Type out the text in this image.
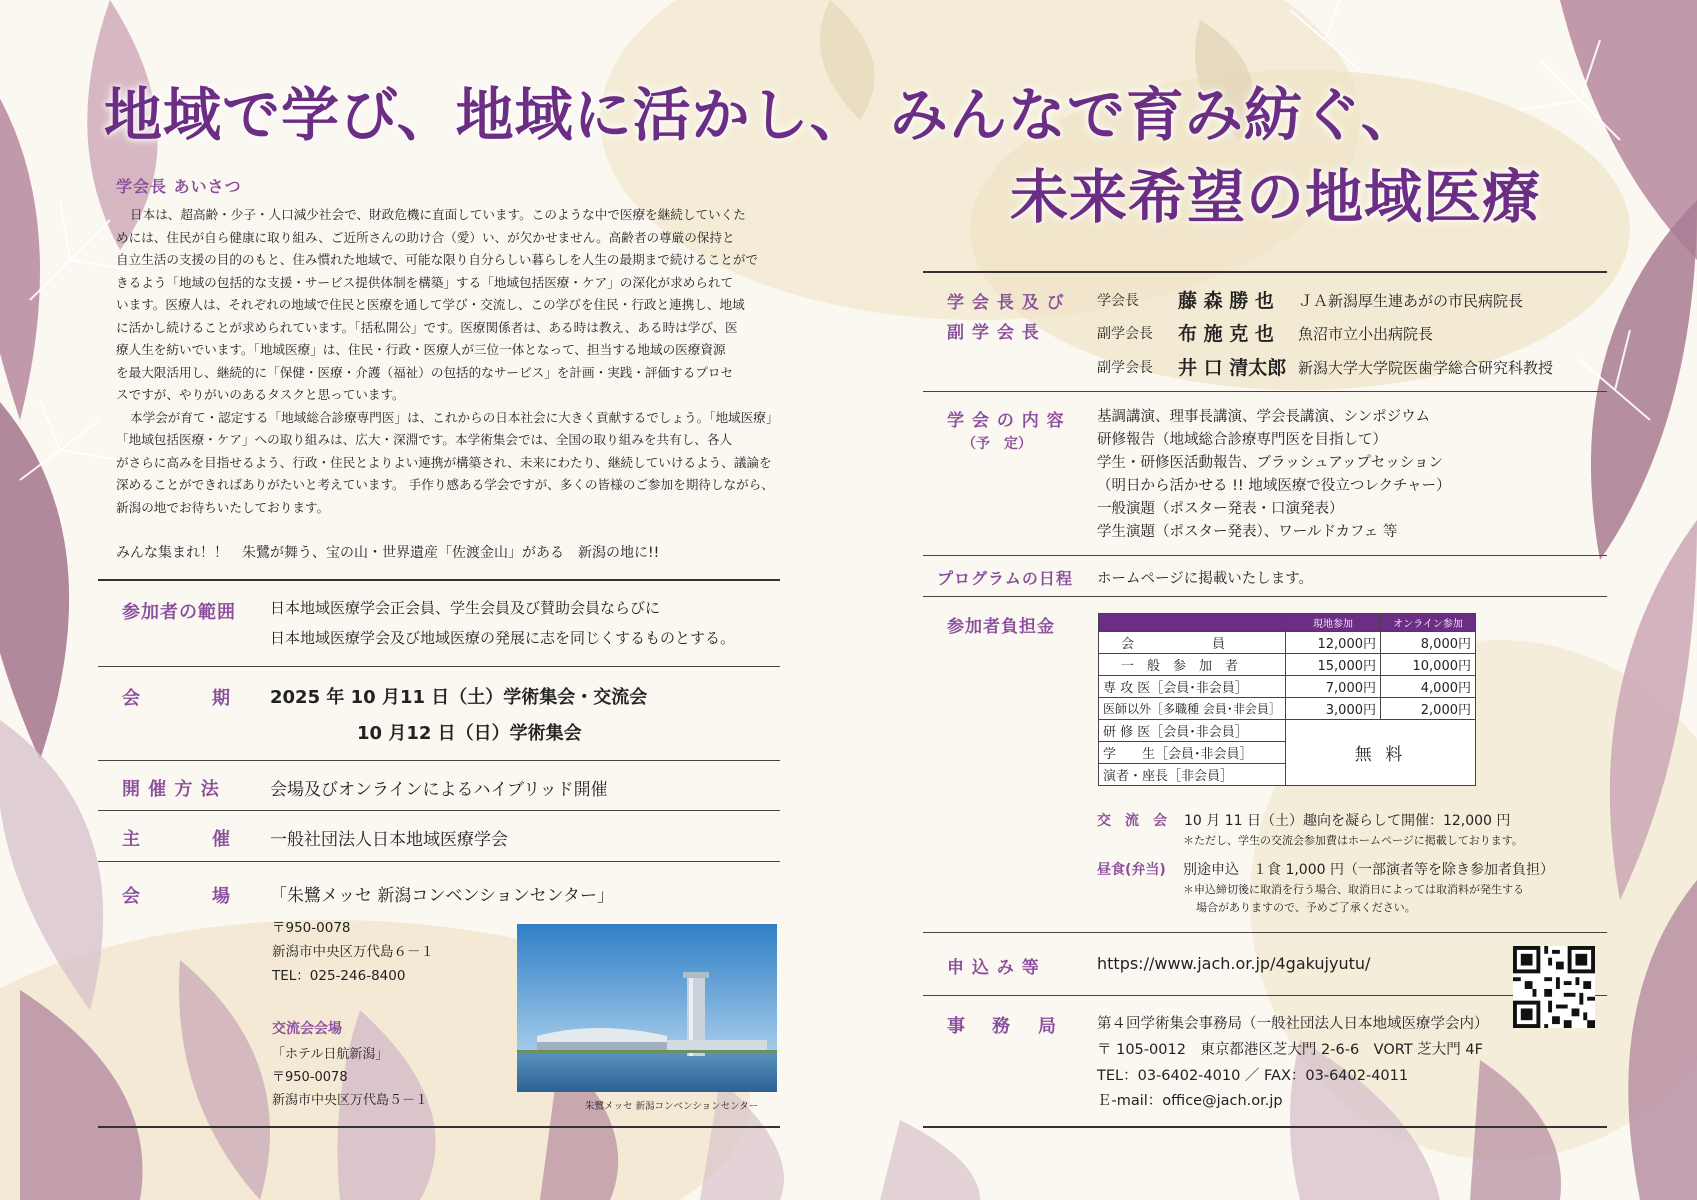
地域で学び、地域に活かし、 みんなで育み紡ぐ、
未来希望の地域医療
学会長 あいさつ

日本は、超高齢・少子・人口減少社会で、財政危機に直面しています。このような中で医療を継続していくた

めには、住民が自ら健康に取り組み、ご近所さんの助け合（愛）い、が欠かせません。高齢者の尊厳の保持と

自立生活の支援の目的のもと、住み慣れた地域で、可能な限り自分らしい暮らしを人生の最期まで続けることがで

きるよう「地域の包括的な支援・サービス提供体制を構築」する「地域包括医療・ケア」の深化が求められて

います。医療人は、それぞれの地域で住民と医療を通して学び・交流し、この学びを住民・行政と連携し、地域

に活かし続けることが求められています。「括私開公」です。医療関係者は、ある時は教え、ある時は学び、医

療人生を紡いでいます。「地域医療」は、住民・行政・医療人が三位一体となって、担当する地域の医療資源

を最大限活用し、継続的に「保健・医療・介護（福祉）の包括的なサービス」を計画・実践・評価するプロセ

スですが、やりがいのあるタスクと思っています。

本学会が育て・認定する「地域総合診療専門医」は、これからの日本社会に大きく貢献するでしょう。「地域医療」

「地域包括医療・ケア」への取り組みは、広大・深淵です。本学術集会では、全国の取り組みを共有し、各人

がさらに高みを目指せるよう、行政・住民とよりよい連携が構築され、未来にわたり、継続していけるよう、議論を

深めることができればありがたいと考えています。 手作り感ある学会ですが、多くの皆様のご参加を期待しながら、

新潟の地でお待ちいたしております。

みんな集まれ！！　朱鷺が舞う、宝の山・世界遺産「佐渡金山」がある　新潟の地に!!
参加者の範囲 日本地域医療学会正会員、学生会員及び賛助会員ならびに
日本地域医療学会及び地域医療の発展に志を同じくするものとする。
会	期 2025 年 10 月11 日（土）学術集会・交流会
10 月12 日（日）学術集会
開 催 方 法	会場及びオンラインによるハイブリッド開催
主	催 一般社団法人日本地域医療学会
会	場 「朱鷺メッセ 新潟コンベンションセンター」
〒950-0078
新潟市中央区万代島６－１
TEL：025-246-8400
交流会会場
「ホテル日航新潟」
〒950-0078
新潟市中央区万代島５－１	朱鷺メッセ 新潟コンベンションセンター
学 会 長 及 び
副 学 会 長
学会長 藤 森 勝 也 ＪＡ新潟厚生連あがの市民病院長
副学会長 布 施 克 也 魚沼市立小出病院長
副学会長 井 口 清太郎 新潟大学大学院医歯学総合研究科教授
学 会 の 内 容
（予　定）
基調講演、理事長講演、学会長講演、シンポジウム
研修報告（地域総合診療専門医を目指して）
学生・研修医活動報告、ブラッシュアップセッション
（明日から活かせる !! 地域医療で役立つレクチャー）
一般演題（ポスター発表・口演発表）
学生演題（ポスター発表）、ワールドカフェ 等
プログラムの日程 ホームページに掲載いたします。
参加者負担金
		現地参加	オンライン参加
会　　　　　　員	12,000円	8,000円
一　般　参　加　者	15,000円	10,000円
専 攻 医［会員･非会員］	7,000円	4,000円
医師以外［多職種 会員･非会員］	3,000円	2,000円
研 修 医［会員･非会員］	無 料	
学　　生［会員･非会員］		
演者・座長［非会員］		
交　流　会 10 月 11 日（土）趣向を凝らして開催：12,000 円
＊ただし、学生の交流会参加費はホームページに掲載しております。
昼食(弁当) 別途申込　１食 1,000 円（一部演者等を除き参加者負担）
＊申込締切後に取消を行う場合、取消日によっては取消料が発生する
場合がありますので、予めご了承ください。
申 込 み 等	https://www.jach.or.jp/4gakujyutu/
事 務 局	第４回学術集会事務局（一般社団法人日本地域医療学会内）
〒 105-0012　東京都港区芝大門 2-6-6　VORT 芝大門 4F
TEL：03-6402-4010 ／ FAX：03-6402-4011
Ｅ-mail：office@jach.or.jp
